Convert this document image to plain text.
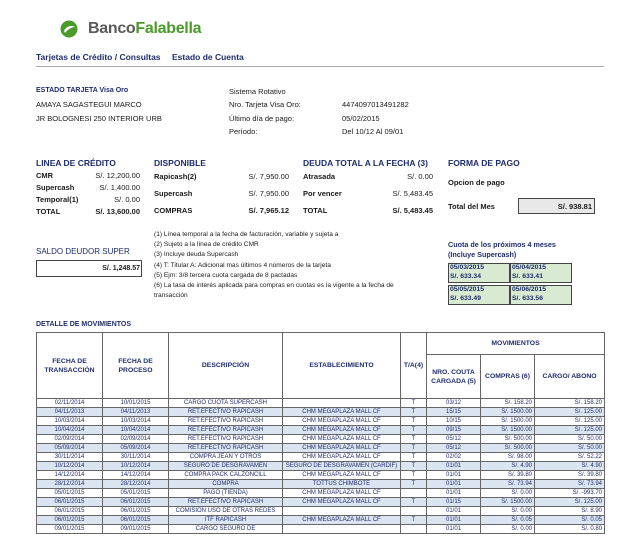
BancoFalabella
Tarjetas de Crédito / Consultas Estado de Cuenta
ESTADO TARJETA Visa Oro
AMAYA SAGASTEGUI MARCO
JR BOLOGNESI 250 INTERIOR URB
Sistema Rotativo
Nro. Tarjeta Visa Oro:	4474097013491282
Último día de pago:	05/02/2015
Período:	Del 10/12 Al 09/01
LINEA DE CRÉDITO
CMR	S/. 12,200.00
Supercash	S/. 1,400.00
Temporal(1)	S/. 0.00
TOTAL	S/. 13,600.00
DISPONIBLE
Rapicash(2)	S/. 7,950.00
Supercash	S/. 7,950.00
COMPRAS	S/. 7,965.12
DEUDA TOTAL A LA FECHA (3)
Atrasada	S/. 0.00
Por vencer	S/. 5,483.45
TOTAL	S/. 5,483.45
FORMA DE PAGO
Opcion de pago
Total del Mes	S/. 938.81
SALDO DEUDOR SUPER
S/. 1,248.57
(1) Línea temporal a la fecha de facturación, variable y sujeta a
(2) Sujeto a la línea de crédito CMR
(3) Incluye deuda Supercash
(4) T: Titular A: Adicional mas últimos 4 números de la tarjeta
(5) Ejm: 3/8 tercera cuota cargada de 8 pactadas
(6) La tasa de interés aplicada para compras en cuotas es la vigente a la fecha de
transacción
Cuota de los próximos 4 meses
(Incluye Supercash)
05/03/2015
S/. 633.34
05/04/2015
S/. 633.41
05/05/2015
S/. 633.49
05/06/2015
S/. 633.56
DETALLE DE MOVIMIENTOS
FECHA DE TRANSACCIÓN	FECHA DE PROCESO	DESCRIPCIÓN	ESTABLECIMIENTO	T/A(4)	MOVIMIENTOS		
					NRO. COUTA CARGADA (5)	COMPRAS (6)	CARGO/ ABONO
02/11/2014	10/01/2015	CARGO CUOTA SUPERCASH		T	03/12	S/. 158.20	S/. 158.20
04/11/2013	04/11/2013	RET.EFECTIVO RAPICASH	CHM MEGAPLAZA MALL CF	T	15/15	S/. 1500.00	S/. 125.00
10/03/2014	10/03/2014	RET.EFECTIVO RAPICASH	CHM MEGAPLAZA MALL CF	T	10/15	S/. 1500.00	S/. 125.00
10/04/2014	10/04/2014	RET.EFECTIVO RAPICASH	CHM MEGAPLAZA MALL CF	T	09/15	S/. 1500.00	S/. 125.00
02/09/2014	02/09/2014	RET.EFECTIVO RAPICASH	CHM MEGAPLAZA MALL CF	T	05/12	S/. 500.00	S/. 50.00
05/09/2014	05/09/2014	RET.EFECTIVO RAPICASH	CHM MEGAPLAZA MALL CF	T	05/12	S/. 500.00	S/. 50.00
30/11/2014	30/11/2014	COMPRA JEAN Y OTROS	CHM MEGAPLAZA MALL CF	T	02/02	S/. 98.00	S/. 52.22
10/12/2014	10/12/2014	SEGURO DE DESGRAVAMEN	SEGURO DE DESGRAVAMEN (CARDIF)	T	01/01	S/. 4.90	S/. 4.90
14/12/2014	14/12/2014	COMPRA PACK CALZONCILL	CHM MEGAPLAZA MALL CF	T	01/01	S/. 39.80	S/. 39.80
28/12/2014	28/12/2014	COMPRA	TOTTUS CHIMBOTE	T	01/01	S/. 73.94	S/. 73.94
05/01/2015	05/01/2015	PAGO (TIENDA)	CHM MEGAPLAZA MALL CF		01/01	S/. 0.00	S/. -993.70
06/01/2015	06/01/2015	RET.EFECTIVO RAPICASH	CHM MEGAPLAZA MALL CF	T	01/15	S/. 1500.00	S/. 125.00
06/01/2015	06/01/2015	COMISION USO DE OTRAS REDES			01/01	S/. 0.00	S/. 8.90
06/01/2015	06/01/2015	ITF RAPICASH	CHM MEGAPLAZA MALL CF	T	01/01	S/. 0.05	S/. 0.05
09/01/2015	09/01/2015	CARGO SEGURO DE			01/01	S/. 0.00	S/. 0.80
